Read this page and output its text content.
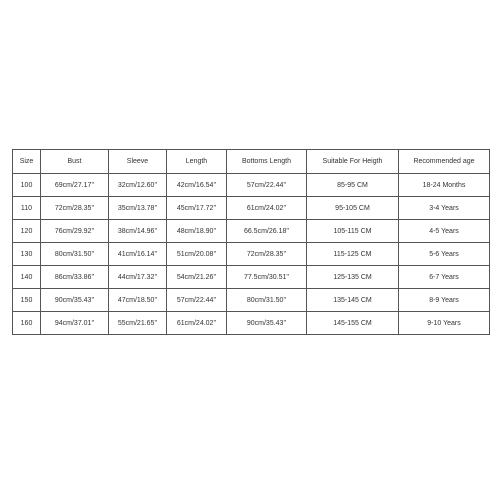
Size	Bust	Sleeve	Length	Bottoms Length	Suitable For Heigth	Recommended age
100	69cm/27.17''	32cm/12.60''	42cm/16.54''	57cm/22.44''	85-95 CM	18-24 Months
110	72cm/28.35''	35cm/13.78''	45cm/17.72''	61cm/24.02''	95-105 CM	3-4 Years
120	76cm/29.92''	38cm/14.96''	48cm/18.90''	66.5cm/26.18''	105-115 CM	4-5 Years
130	80cm/31.50''	41cm/16.14''	51cm/20.08''	72cm/28.35''	115-125 CM	5-6 Years
140	86cm/33.86''	44cm/17.32''	54cm/21.26''	77.5cm/30.51''	125-135 CM	6-7 Years
150	90cm/35.43''	47cm/18.50''	57cm/22.44''	80cm/31.50''	135-145 CM	8-9 Years
160	94cm/37.01''	55cm/21.65''	61cm/24.02''	90cm/35.43''	145-155 CM	9-10 Years
